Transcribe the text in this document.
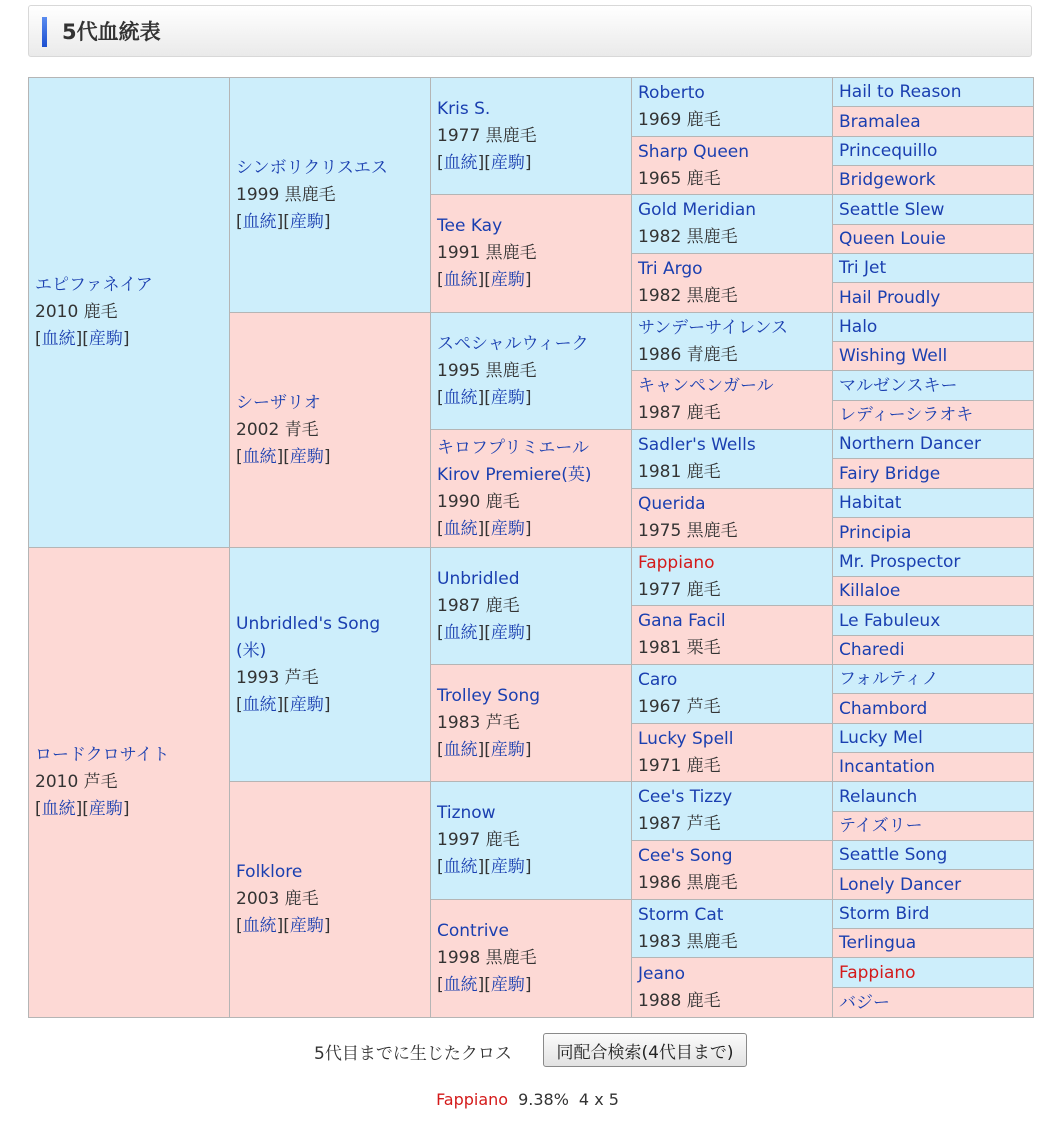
5代血統表
エピファネイア
2010 鹿毛
[血統][産駒]
ロードクロサイト
2010 芦毛
[血統][産駒]
シンボリクリスエス
1999 黒鹿毛
[血統][産駒]
シーザリオ
2002 青毛
[血統][産駒]
Unbridled's Song
(米)
1993 芦毛
[血統][産駒]
Folklore
2003 鹿毛
[血統][産駒]
Kris S.
1977 黒鹿毛
[血統][産駒]
Tee Kay
1991 黒鹿毛
[血統][産駒]
スペシャルウィーク
1995 黒鹿毛
[血統][産駒]
キロフプリミエール
Kirov Premiere(英)
1990 鹿毛
[血統][産駒]
Unbridled
1987 鹿毛
[血統][産駒]
Trolley Song
1983 芦毛
[血統][産駒]
Tiznow
1997 鹿毛
[血統][産駒]
Contrive
1998 黒鹿毛
[血統][産駒]
Roberto
1969 鹿毛
Sharp Queen
1965 鹿毛
Gold Meridian
1982 黒鹿毛
Tri Argo
1982 黒鹿毛
サンデーサイレンス
1986 青鹿毛
キャンペンガール
1987 鹿毛
Sadler's Wells
1981 鹿毛
Querida
1975 黒鹿毛
Fappiano
1977 鹿毛
Gana Facil
1981 栗毛
Caro
1967 芦毛
Lucky Spell
1971 鹿毛
Cee's Tizzy
1987 芦毛
Cee's Song
1986 黒鹿毛
Storm Cat
1983 黒鹿毛
Jeano
1988 鹿毛
Hail to Reason
Bramalea
Princequillo
Bridgework
Seattle Slew
Queen Louie
Tri Jet
Hail Proudly
Halo
Wishing Well
マルゼンスキー
レディーシラオキ
Northern Dancer
Fairy Bridge
Habitat
Principia
Mr. Prospector
Killaloe
Le Fabuleux
Charedi
フォルティノ
Chambord
Lucky Mel
Incantation
Relaunch
テイズリー
Seattle Song
Lonely Dancer
Storm Bird
Terlingua
Fappiano
バジー
5代目までに生じたクロス	同配合検索(4代目まで)
Fappiano 9.38% 4 x 5
